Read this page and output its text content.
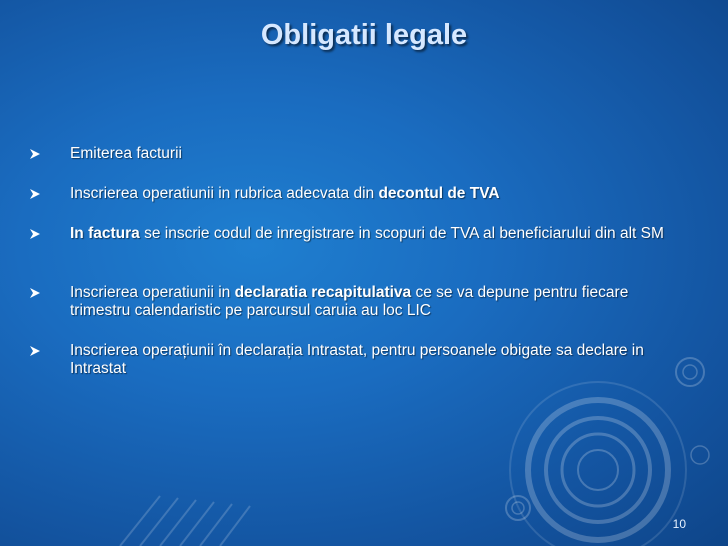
Obligatii legale
Emiterea facturii
Inscrierea operatiunii in rubrica adecvata din decontul de TVA
In factura se inscrie codul de inregistrare in scopuri de TVA al beneficiarului din alt SM
Inscrierea operatiunii in declaratia recapitulativa ce se va depune pentru fiecare trimestru calendaristic pe parcursul caruia au loc LIC
Inscrierea operațiunii în declarația Intrastat, pentru persoanele obigate sa declare in Intrastat
10
